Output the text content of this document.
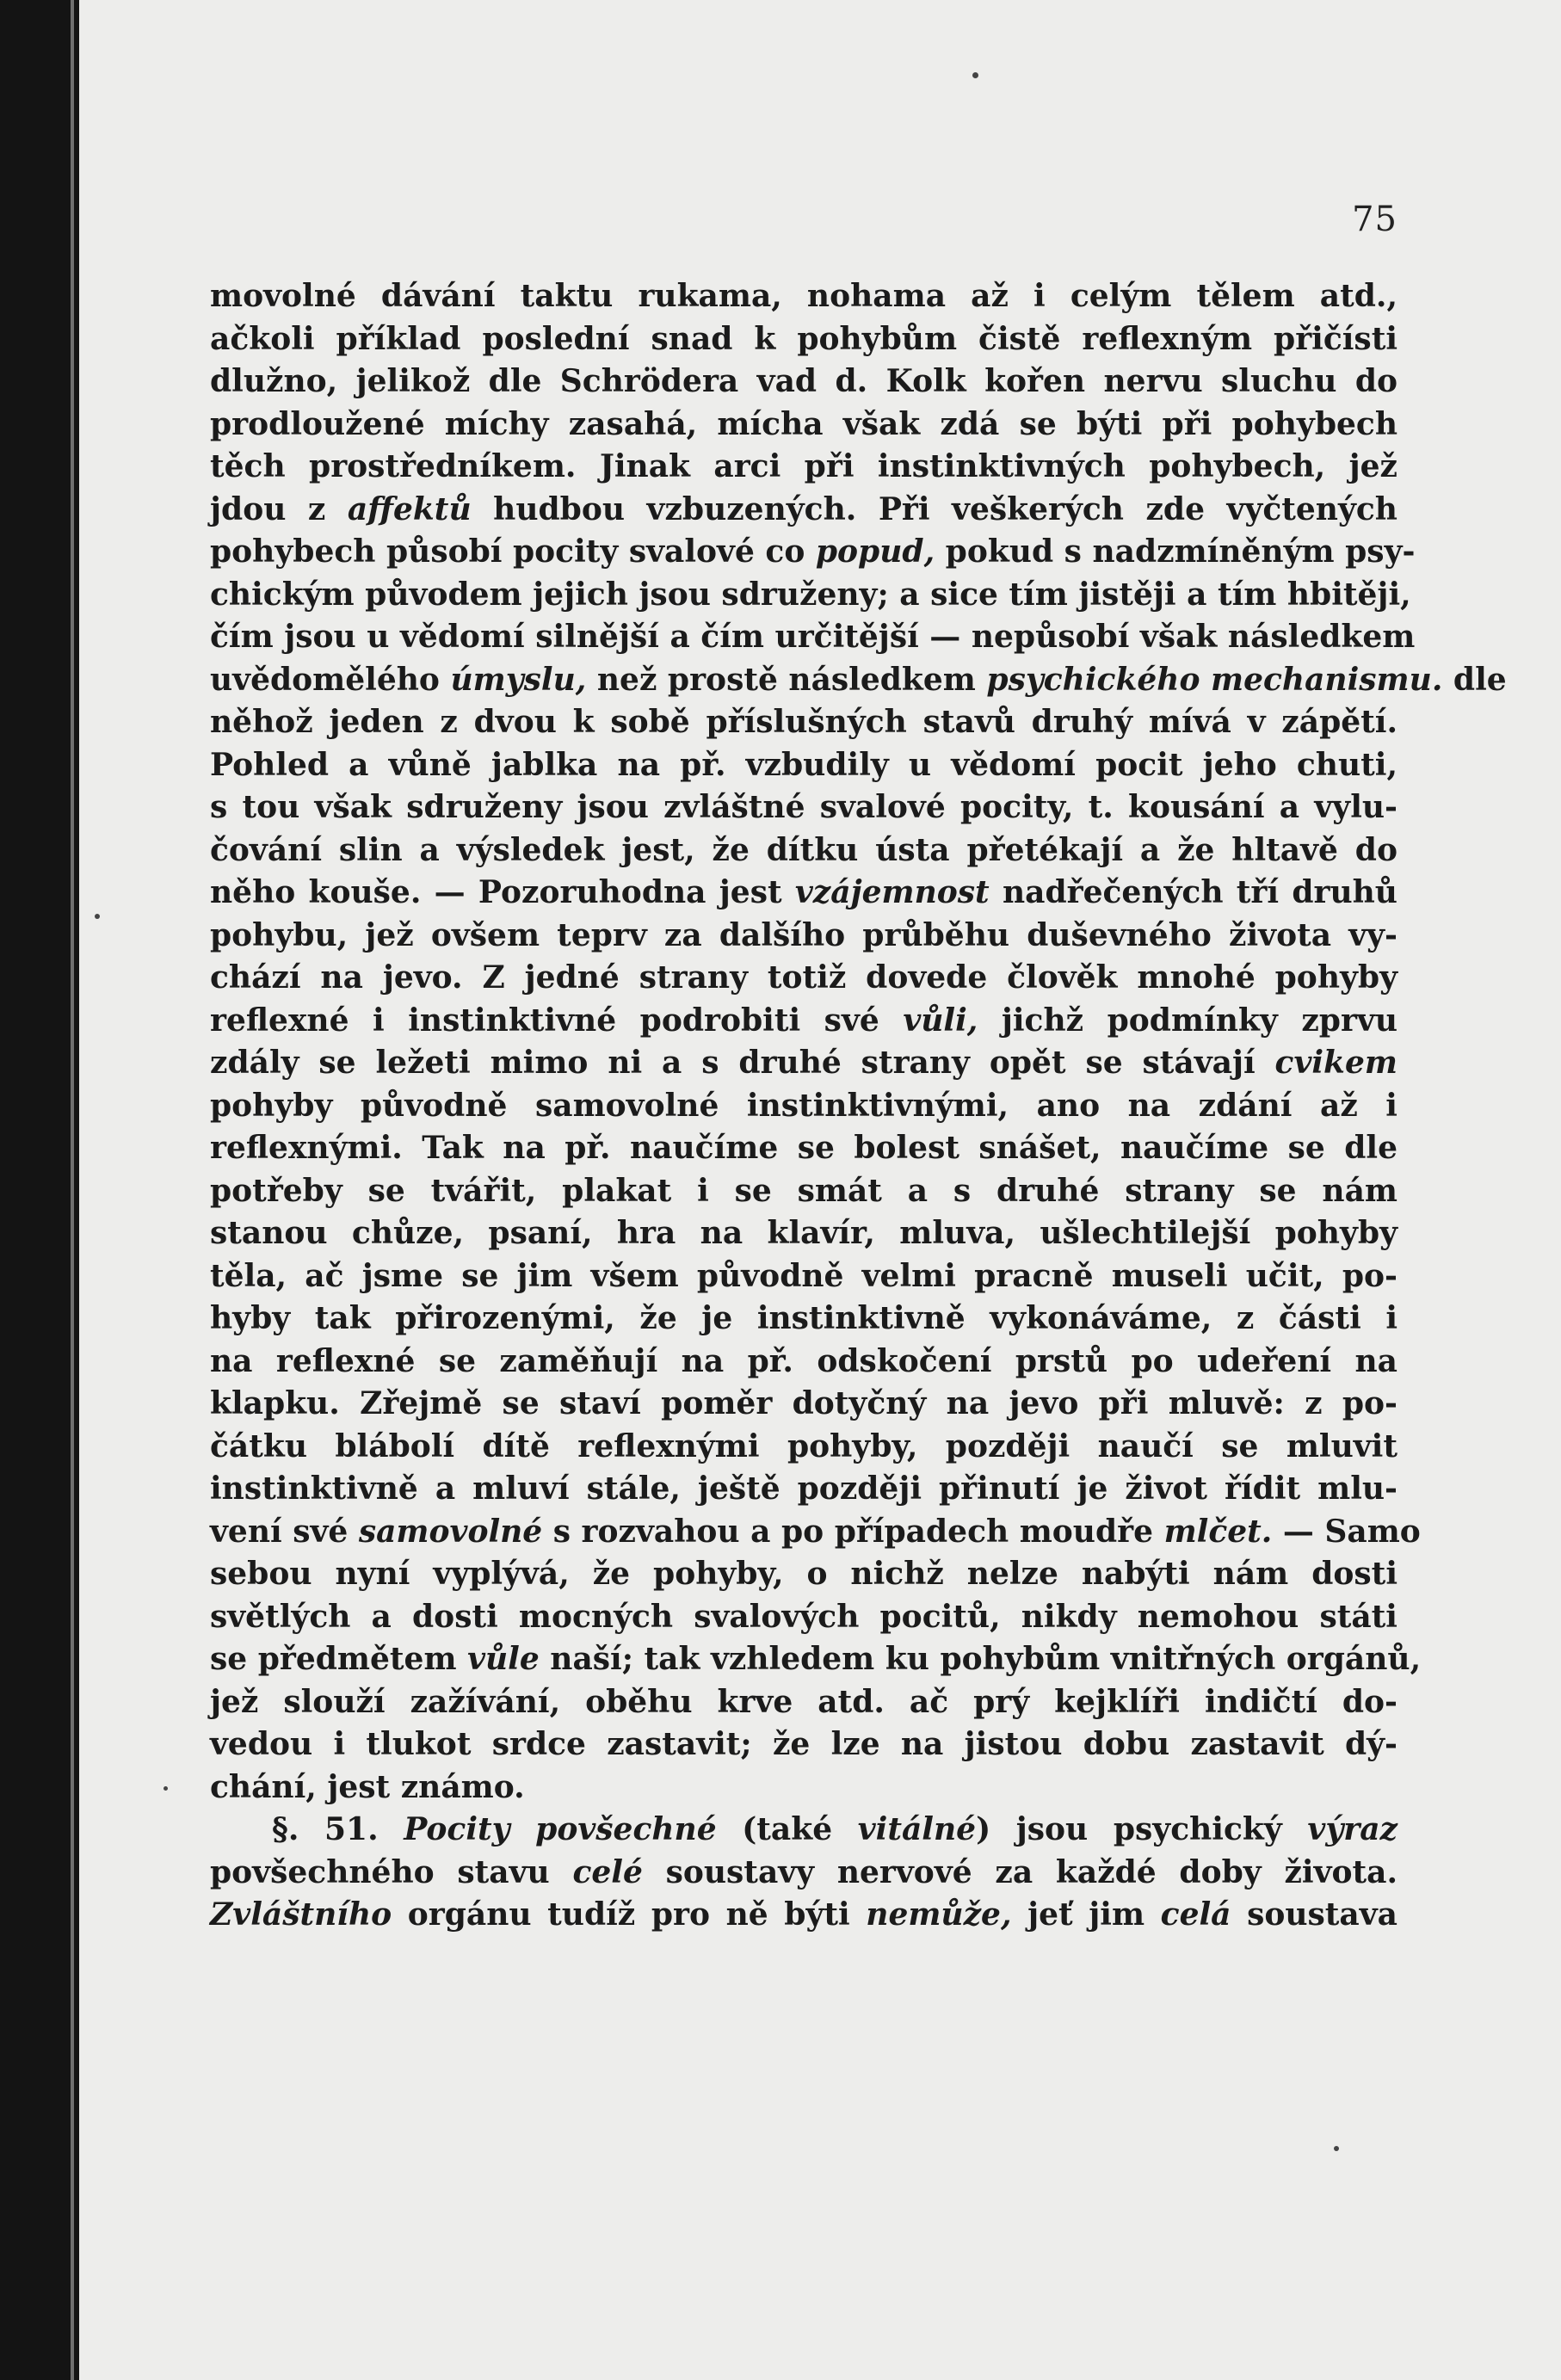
75
movolné dávání taktu rukama, nohama až i celým tělem atd.,
ačkoli příklad poslední snad k pohybům čistě reflexným přičísti
dlužno, jelikož dle Schrödera vad d. Kolk kořen nervu sluchu do
prodloužené míchy zasahá, mícha však zdá se býti při pohybech
těch prostředníkem. Jinak arci při instinktivných pohybech, jež
jdou z affektů hudbou vzbuzených. Při veškerých zde vyčtených
pohybech působí pocity svalové co popud, pokud s nadzmíněným psy-
chickým původem jejich jsou sdruženy; a sice tím jistěji a tím hbitěji,
čím jsou u vědomí silnější a čím určitější — nepůsobí však následkem
uvědomělého úmyslu, než prostě následkem psychického mechanismu. dle
něhož jeden z dvou k sobě příslušných stavů druhý mívá v zápětí.
Pohled a vůně jablka na př. vzbudily u vědomí pocit jeho chuti,
s tou však sdruženy jsou zvláštné svalové pocity, t. kousání a vylu-
čování slin a výsledek jest, že dítku ústa přetékají a že hltavě do
něho kouše. — Pozoruhodna jest vzájemnost nadřečených tří druhů
pohybu, jež ovšem teprv za dalšího průběhu duševného života vy-
chází na jevo. Z jedné strany totiž dovede člověk mnohé pohyby
reflexné i instinktivné podrobiti své vůli, jichž podmínky zprvu
zdály se ležeti mimo ni a s druhé strany opět se stávají cvikem
pohyby původně samovolné instinktivnými, ano na zdání až i
reflexnými. Tak na př. naučíme se bolest snášet, naučíme se dle
potřeby se tvářit, plakat i se smát a s druhé strany se nám
stanou chůze, psaní, hra na klavír, mluva, ušlechtilejší pohyby
těla, ač jsme se jim všem původně velmi pracně museli učit, po-
hyby tak přirozenými, že je instinktivně vykonáváme, z části i
na reflexné se zaměňují na př. odskočení prstů po udeření na
klapku. Zřejmě se staví poměr dotyčný na jevo při mluvě: z po-
čátku blábolí dítě reflexnými pohyby, později naučí se mluvit
instinktivně a mluví stále, ještě později přinutí je život řídit mlu-
vení své samovolné s rozvahou a po případech moudře mlčet. — Samo
sebou nyní vyplývá, že pohyby, o nichž nelze nabýti nám dosti
světlých a dosti mocných svalových pocitů, nikdy nemohou státi
se předmětem vůle naší; tak vzhledem ku pohybům vnitřných orgánů,
jež slouží zažívání, oběhu krve atd. ač prý kejklíři indičtí do-
vedou i tlukot srdce zastavit; že lze na jistou dobu zastavit dý-
chání, jest známo.
§. 51. Pocity povšechné (také vitálné) jsou psychický výraz
povšechného stavu celé soustavy nervové za každé doby života.
Zvláštního orgánu tudíž pro ně býti nemůže, jeť jim celá soustava
